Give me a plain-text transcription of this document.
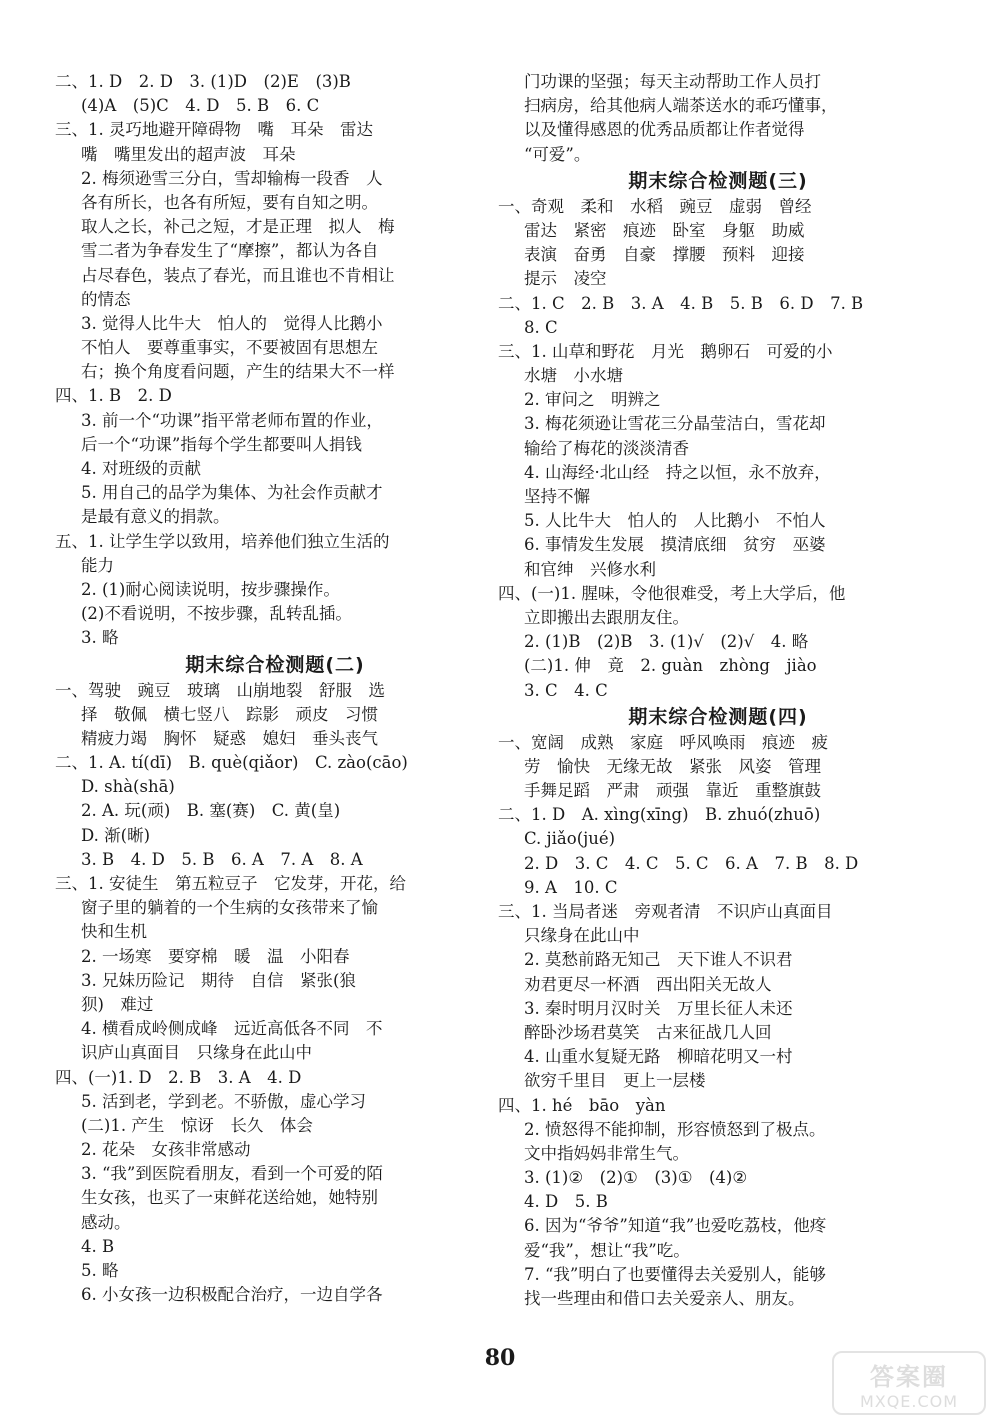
二、1. D　2. D　3. (1)D　(2)E　(3)B
(4)A　(5)C　4. D　5. B　6. C
三、1. 灵巧地避开障碍物　嘴　耳朵　雷达
嘴　嘴里发出的超声波　耳朵
2. 梅须逊雪三分白，雪却输梅一段香　人
各有所长，也各有所短，要有自知之明。
取人之长，补己之短，才是正理　拟人　梅
雪二者为争春发生了“摩擦”，都认为各自
占尽春色，装点了春光，而且谁也不肯相让
的情态
3. 觉得人比牛大　怕人的　觉得人比鹅小
不怕人　要尊重事实，不要被固有思想左
右；换个角度看问题，产生的结果大不一样
四、1. B　2. D
3. 前一个“功课”指平常老师布置的作业，
后一个“功课”指每个学生都要叫人捐钱
4. 对班级的贡献
5. 用自己的品学为集体、为社会作贡献才
是最有意义的捐款。
五、1. 让学生学以致用，培养他们独立生活的
能力
2. (1)耐心阅读说明，按步骤操作。
(2)不看说明，不按步骤，乱转乱插。
3. 略
期末综合检测题(二)
一、驾驶　豌豆　玻璃　山崩地裂　舒服　选
择　敬佩　横七竖八　踪影　顽皮　习惯
精疲力竭　胸怀　疑惑　媳妇　垂头丧气
二、1. A. tí(dī)　B. què(qiǎor)　C. zào(cāo)
D. shà(shā)
2. A. 玩(顽)　B. 塞(赛)　C. 黄(皇)
D. 渐(晰)
3. B　4. D　5. B　6. A　7. A　8. A
三、1. 安徒生　第五粒豆子　它发芽，开花，给
窗子里的躺着的一个生病的女孩带来了愉
快和生机
2. 一场寒　要穿棉　暖　温　小阳春
3. 兄妹历险记　期待　自信　紧张(狼
狈)　难过
4. 横看成岭侧成峰　远近高低各不同　不
识庐山真面目　只缘身在此山中
四、(一)1. D　2. B　3. A　4. D
5. 活到老，学到老。不骄傲，虚心学习
(二)1. 产生　惊讶　长久　体会
2. 花朵　女孩非常感动
3. “我”到医院看朋友，看到一个可爱的陌
生女孩，也买了一束鲜花送给她，她特别
感动。
4. B
5. 略
6. 小女孩一边积极配合治疗，一边自学各
门功课的坚强；每天主动帮助工作人员打
扫病房，给其他病人端茶送水的乖巧懂事，
以及懂得感恩的优秀品质都让作者觉得
“可爱”。
期末综合检测题(三)
一、奇观　柔和　水稻　豌豆　虚弱　曾经
雷达　紧密　痕迹　卧室　身躯　助威
表演　奋勇　自豪　撑腰　预料　迎接
提示　凌空
二、1. C　2. B　3. A　4. B　5. B　6. D　7. B
8. C
三、1. 山草和野花　月光　鹅卵石　可爱的小
水塘　小水塘
2. 审问之　明辨之
3. 梅花须逊让雪花三分晶莹洁白，雪花却
输给了梅花的淡淡清香
4. 山海经·北山经　持之以恒，永不放弃，
坚持不懈
5. 人比牛大　怕人的　人比鹅小　不怕人
6. 事情发生发展　摸清底细　贫穷　巫婆
和官绅　兴修水利
四、(一)1. 腥味，令他很难受，考上大学后，他
立即搬出去跟朋友住。
2. (1)B　(2)B　3. (1)√　(2)√　4. 略
(二)1. 伸　竟　2. guàn　zhòng　jiào
3. C　4. C
期末综合检测题(四)
一、宽阔　成熟　家庭　呼风唤雨　痕迹　疲
劳　愉快　无缘无故　紧张　风姿　管理
手舞足蹈　严肃　顽强　靠近　重整旗鼓
二、1. D　A. xìng(xīng)　B. zhuó(zhuō)
C. jiǎo(jué)
2. D　3. C　4. C　5. C　6. A　7. B　8. D
9. A　10. C
三、1. 当局者迷　旁观者清　不识庐山真面目
只缘身在此山中
2. 莫愁前路无知己　天下谁人不识君
劝君更尽一杯酒　西出阳关无故人
3. 秦时明月汉时关　万里长征人未还
醉卧沙场君莫笑　古来征战几人回
4. 山重水复疑无路　柳暗花明又一村
欲穷千里目　更上一层楼
四、1. hé　bāo　yàn
2. 愤怒得不能抑制，形容愤怒到了极点。
文中指妈妈非常生气。
3. (1)②　(2)①　(3)①　(4)②
4. D　5. B
6. 因为“爷爷”知道“我”也爱吃荔枝，他疼
爱“我”，想让“我”吃。
7. “我”明白了也要懂得去关爱别人，能够
找一些理由和借口去关爱亲人、朋友。
80
答案圈
MXQE.COM
